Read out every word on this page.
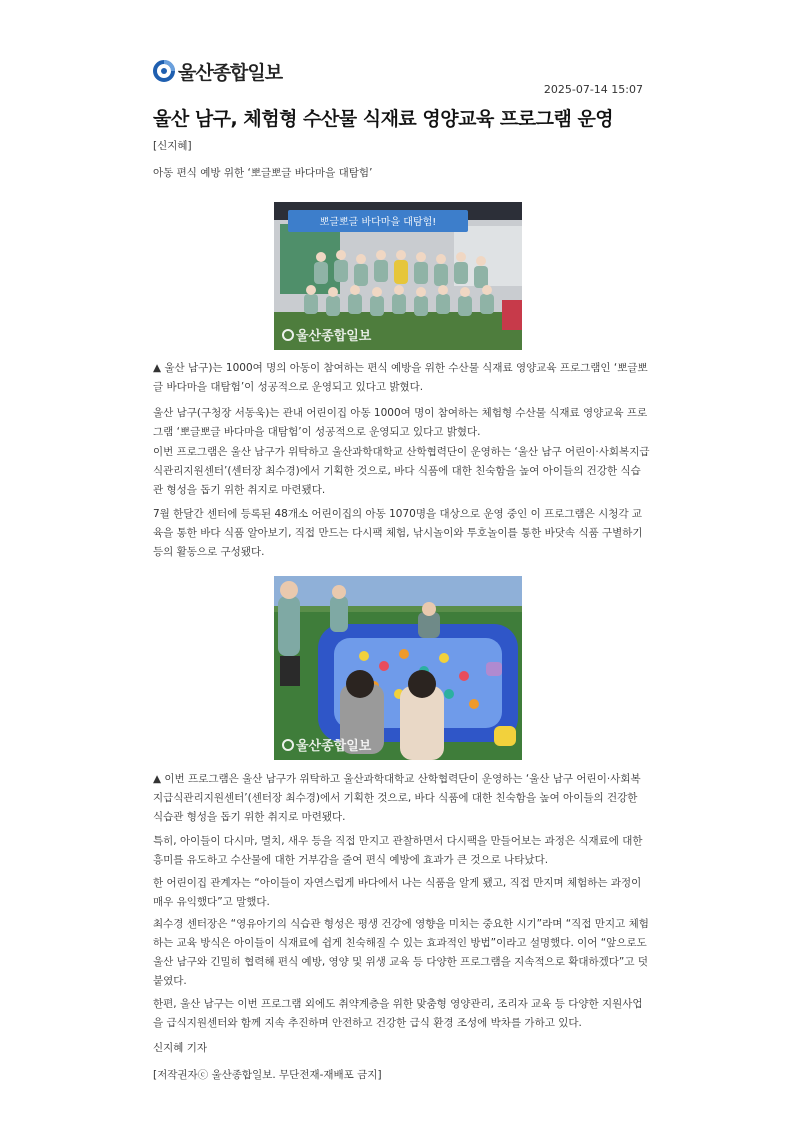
울산종합일보
2025-07-14 15:07
울산 남구, 체험형 수산물 식재료 영양교육 프로그램 운영

[신지혜]

아동 편식 예방 위한 ‘뽀글뽀글 바다마을 대탐험’

뽀글뽀글 바다마을 대탐험!
울산종합일보

▲ 울산 남구)는 1000여 명의 아동이 참여하는 편식 예방을 위한 수산물 식재료 영양교육 프로그램인 ‘뽀글뽀글 바다마을 대탐험’이 성공적으로 운영되고 있다고 밝혔다.

울산 남구(구청장 서동욱)는 관내 어린이집 아동 1000여 명이 참여하는 체험형 수산물 식재료 영양교육 프로그램 ‘뽀글뽀글 바다마을 대탐험’이 성공적으로 운영되고 있다고 밝혔다.

이번 프로그램은 울산 남구가 위탁하고 울산과학대학교 산학협력단이 운영하는 ‘울산 남구 어린이·사회복지급식관리지원센터’(센터장 최수경)에서 기획한 것으로, 바다 식품에 대한 친숙함을 높여 아이들의 건강한 식습관 형성을 돕기 위한 취지로 마련됐다.

7월 한달간 센터에 등록된 48개소 어린이집의 아동 1070명을 대상으로 운영 중인 이 프로그램은 시청각 교육을 통한 바다 식품 알아보기, 직접 만드는 다시팩 체험, 낚시놀이와 투호놀이를 통한 바닷속 식품 구별하기 등의 활동으로 구성됐다.

울산종합일보

▲ 이번 프로그램은 울산 남구가 위탁하고 울산과학대학교 산학협력단이 운영하는 ‘울산 남구 어린이·사회복지급식관리지원센터’(센터장 최수경)에서 기획한 것으로, 바다 식품에 대한 친숙함을 높여 아이들의 건강한 식습관 형성을 돕기 위한 취지로 마련됐다.

특히, 아이들이 다시마, 멸치, 새우 등을 직접 만지고 관찰하면서 다시팩을 만들어보는 과정은 식재료에 대한 흥미를 유도하고 수산물에 대한 거부감을 줄여 편식 예방에 효과가 큰 것으로 나타났다.

한 어린이집 관계자는 “아이들이 자연스럽게 바다에서 나는 식품을 알게 됐고, 직접 만지며 체험하는 과정이 매우 유익했다”고 말했다.

최수경 센터장은 “영유아기의 식습관 형성은 평생 건강에 영향을 미치는 중요한 시기”라며 “직접 만지고 체험하는 교육 방식은 아이들이 식재료에 쉽게 친숙해질 수 있는 효과적인 방법”이라고 설명했다. 이어 “앞으로도 울산 남구와 긴밀히 협력해 편식 예방, 영양 및 위생 교육 등 다양한 프로그램을 지속적으로 확대하겠다”고 덧붙였다.

한편, 울산 남구는 이번 프로그램 외에도 취약계층을 위한 맞춤형 영양관리, 조리자 교육 등 다양한 지원사업을 급식지원센터와 함께 지속 추진하며 안전하고 건강한 급식 환경 조성에 박차를 가하고 있다.

신지혜 기자

[저작권자ⓒ 울산종합일보. 무단전재-재배포 금지]
